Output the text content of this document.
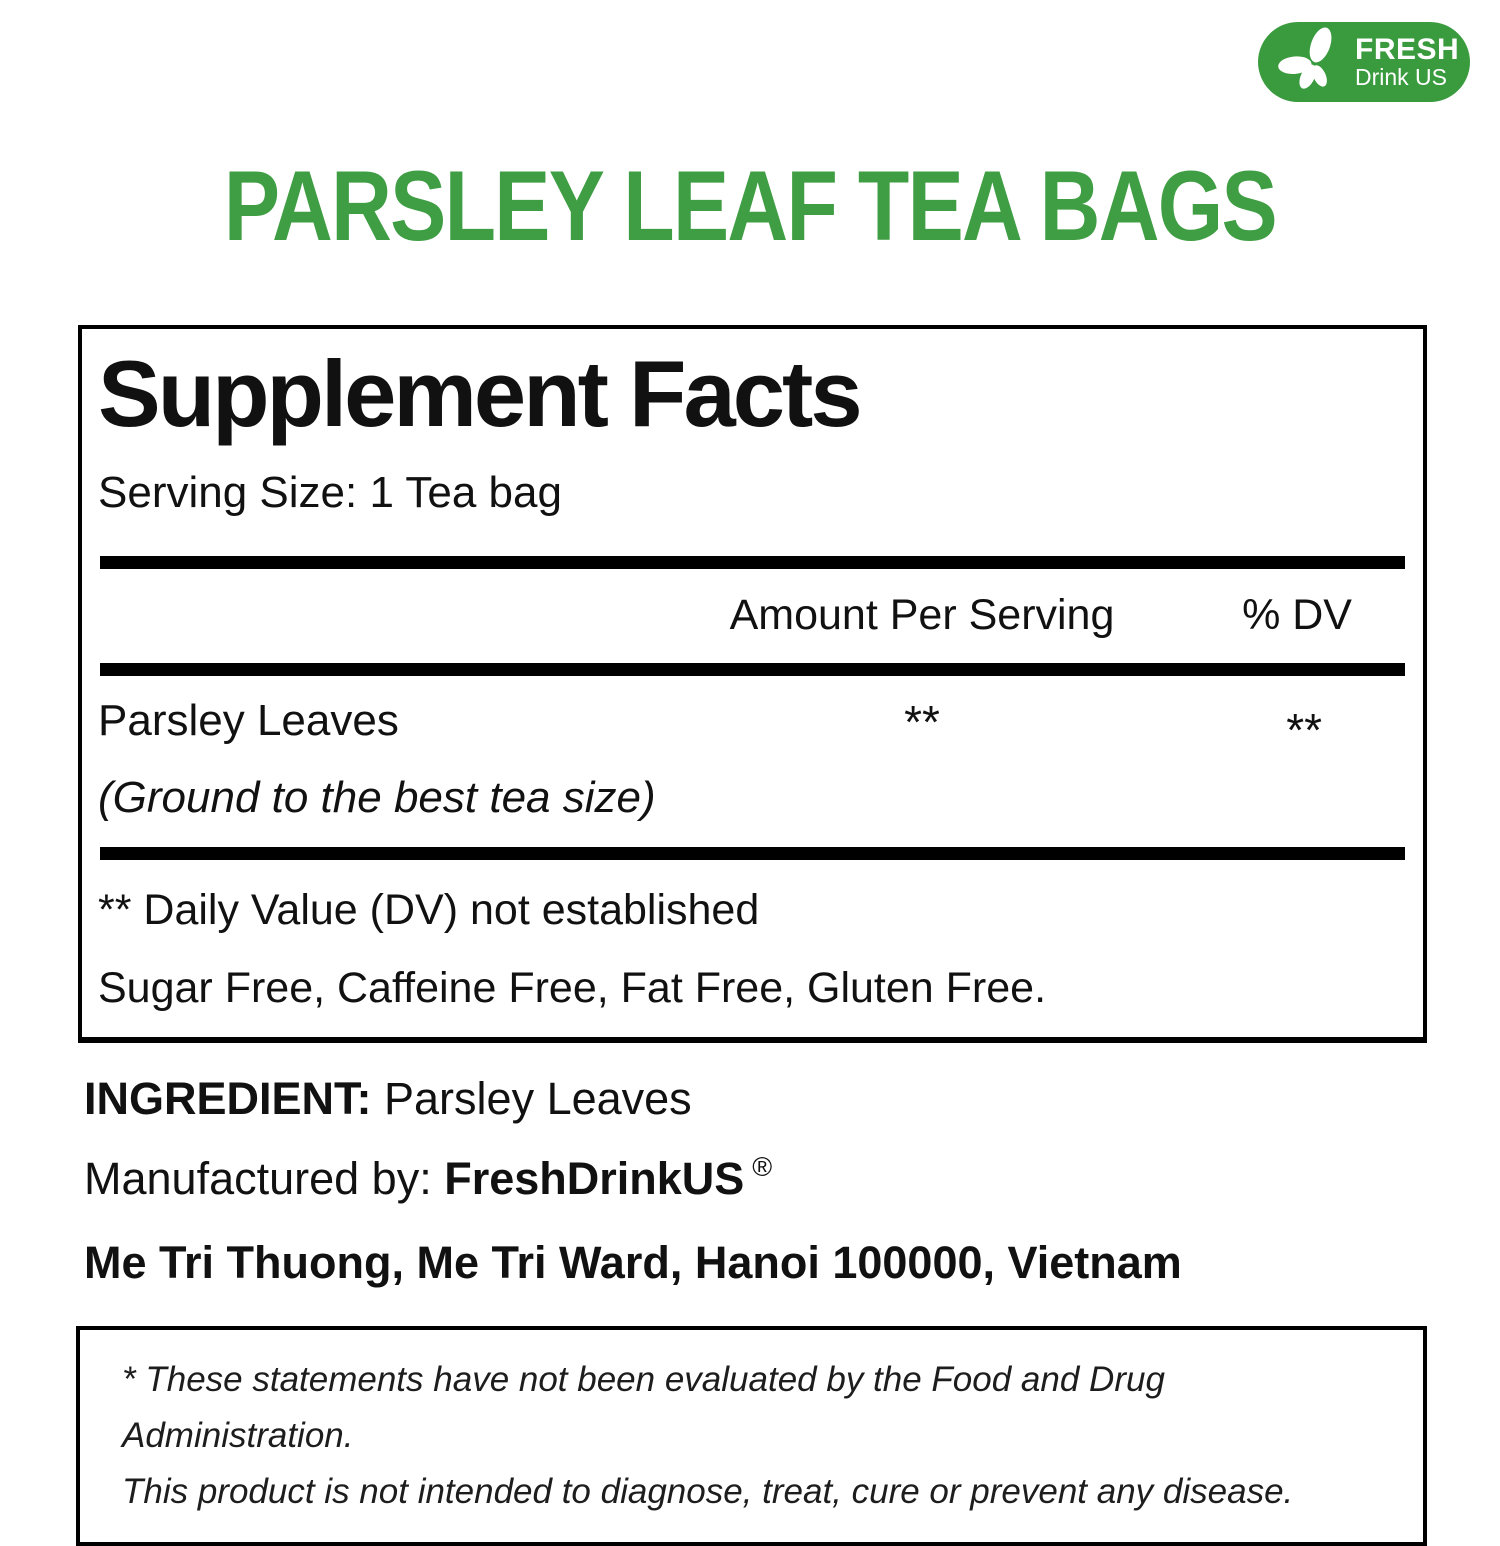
FRESH
Drink US
PARSLEY LEAF TEA BAGS
Supplement Facts
Serving Size: 1 Tea bag
Amount Per Serving	% DV
Parsley Leaves	**	**
(Ground to the best tea size)
** Daily Value (DV) not established
Sugar Free, Caffeine Free, Fat Free, Gluten Free.
INGREDIENT: Parsley Leaves
Manufactured by: FreshDrinkUS ®
Me Tri Thuong, Me Tri Ward, Hanoi 100000, Vietnam
* These statements have not been evaluated by the Food and Drug Administration.
This product is not intended to diagnose, treat, cure or prevent any disease.
